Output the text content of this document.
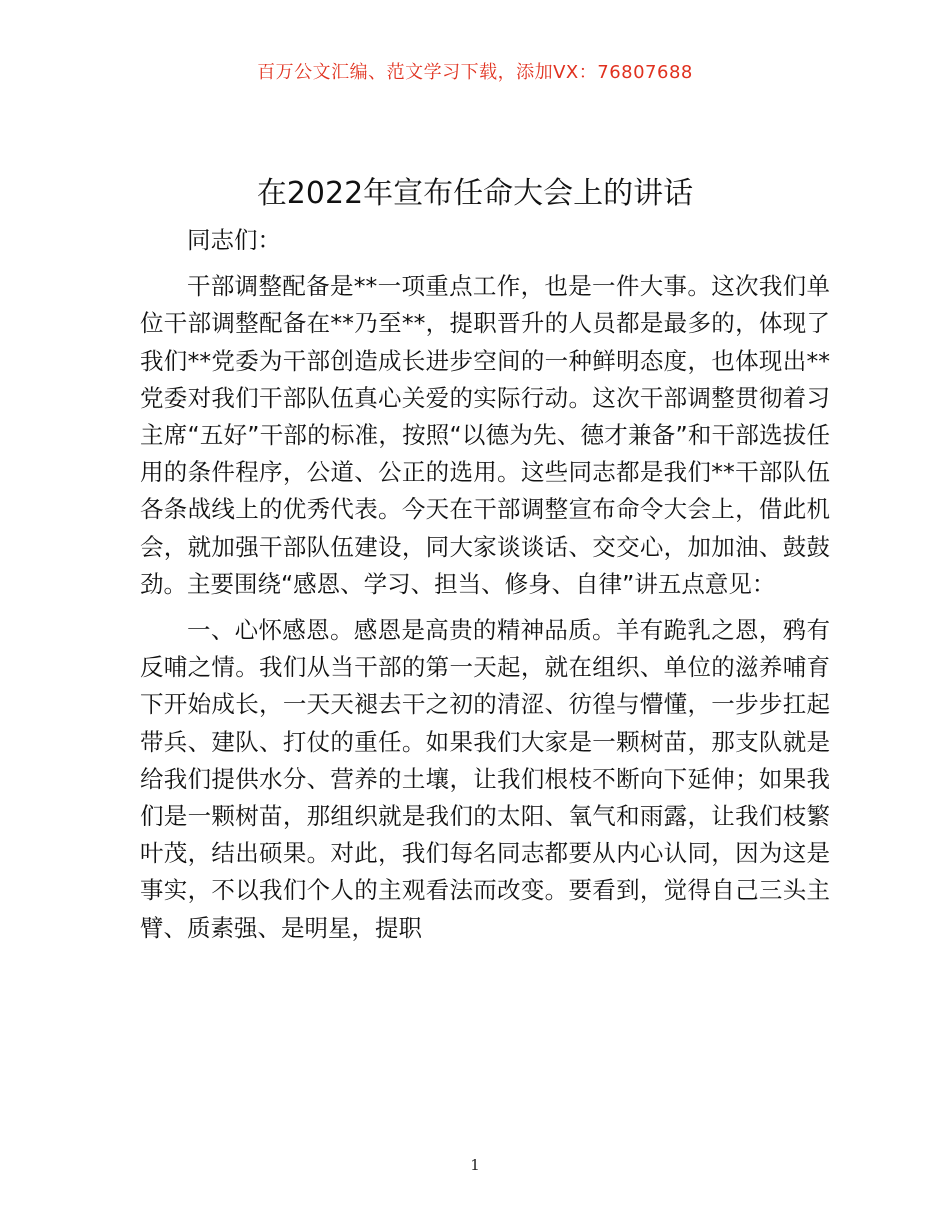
百万公文汇编、范文学习下载，添加VX：76807688
在2022年宣布任命大会上的讲话

同志们：

干部调整配备是**一项重点工作，也是一件大事。这次我们单位干部调整配备在**乃至**，提职晋升的人员都是最多的，体现了我们**党委为干部创造成长进步空间的一种鲜明态度，也体现出**党委对我们干部队伍真心关爱的实际行动。这次干部调整贯彻着习主席“五好”干部的标准，按照“以德为先、德才兼备”和干部选拔任用的条件程序，公道、公正的选用。这些同志都是我们**干部队伍各条战线上的优秀代表。今天在干部调整宣布命令大会上，借此机会，就加强干部队伍建设，同大家谈谈话、交交心，加加油、鼓鼓劲。主要围绕“感恩、学习、担当、修身、自律”讲五点意见：

一、心怀感恩。感恩是高贵的精神品质。羊有跪乳之恩，鸦有反哺之情。我们从当干部的第一天起，就在组织、单位的滋养哺育下开始成长，一天天褪去干之初的清涩、彷徨与懵懂，一步步扛起带兵、建队、打仗的重任。如果我们大家是一颗树苗，那支队就是给我们提供水分、营养的土壤，让我们根枝不断向下延伸；如果我们是一颗树苗，那组织就是我们的太阳、氧气和雨露，让我们枝繁叶茂，结出硕果。对此，我们每名同志都要从内心认同，因为这是事实，不以我们个人的主观看法而改变。要看到，觉得自己三头主臂、质素强、是明星，提职

1
